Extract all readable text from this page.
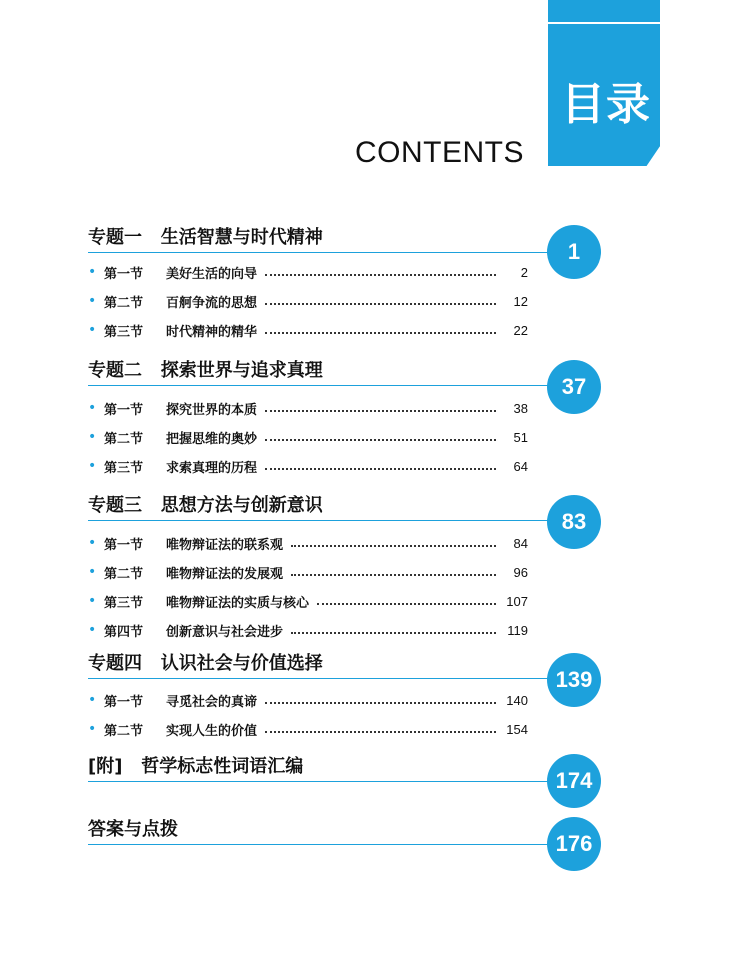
目录
CONTENTS
专题一   生活智慧与时代精神
1
• 第一节	美好生活的向导	2
• 第二节	百舸争流的思想	12
• 第三节	时代精神的精华	22
专题二   探索世界与追求真理
37
• 第一节	探究世界的本质	38
• 第二节	把握思维的奥妙	51
• 第三节	求索真理的历程	64
专题三   思想方法与创新意识
83
• 第一节	唯物辩证法的联系观	84
• 第二节	唯物辩证法的发展观	96
• 第三节	唯物辩证法的实质与核心	107
• 第四节	创新意识与社会进步	119
专题四   认识社会与价值选择
139
• 第一节	寻觅社会的真谛	140
• 第二节	实现人生的价值	154
[附]   哲学标志性词语汇编
174
答案与点拨
176
